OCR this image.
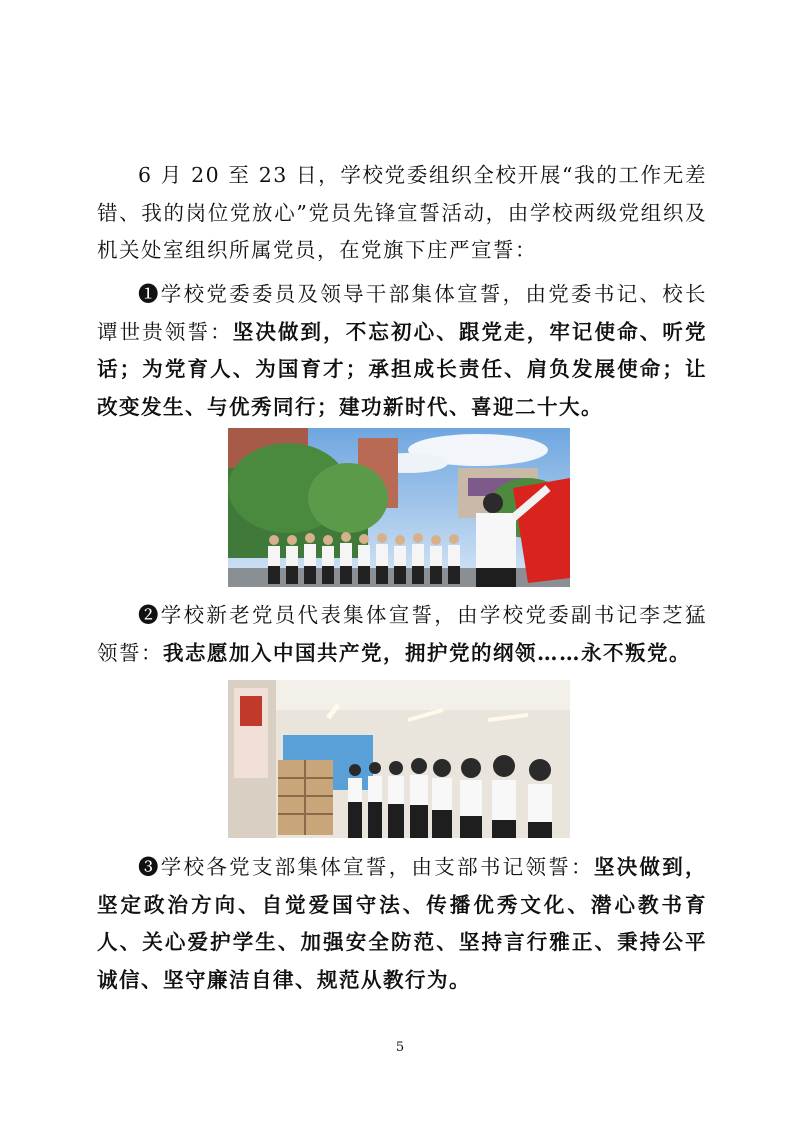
6 月 20 至 23 日，学校党委组织全校开展“我的工作无差错、我的岗位党放心”党员先锋宣誓活动，由学校两级党组织及机关处室组织所属党员，在党旗下庄严宣誓：

❶学校党委委员及领导干部集体宣誓，由党委书记、校长谭世贵领誓：坚决做到，不忘初心、跟党走，牢记使命、听党话；为党育人、为国育才；承担成长责任、肩负发展使命；让改变发生、与优秀同行；建功新时代、喜迎二十大。

❷学校新老党员代表集体宣誓，由学校党委副书记李芝猛领誓：我志愿加入中国共产党，拥护党的纲领……永不叛党。

❸学校各党支部集体宣誓，由支部书记领誓：坚决做到，坚定政治方向、自觉爱国守法、传播优秀文化、潜心教书育人、关心爱护学生、加强安全防范、坚持言行雅正、秉持公平诚信、坚守廉洁自律、规范从教行为。

5
